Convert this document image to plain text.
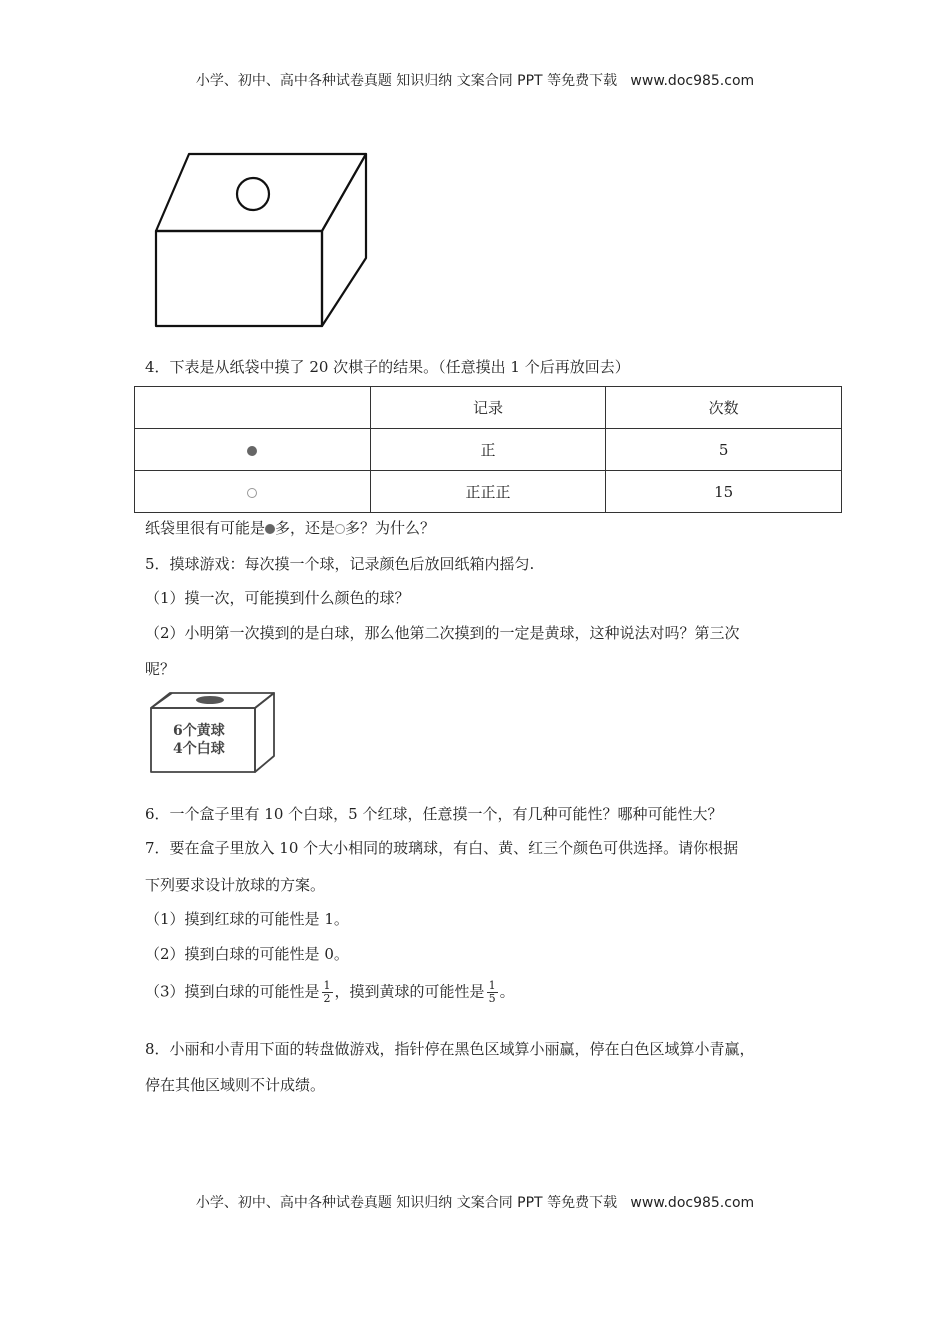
小学、初中、高中各种试卷真题 知识归纳 文案合同 PPT 等免费下载   www.doc985.com
4．下表是从纸袋中摸了 20 次棋子的结果。（任意摸出 1 个后再放回去）
	记录	次数
	正	5
	正正正	15
纸袋里很有可能是 多，还是 多？为什么？
5．摸球游戏：每次摸一个球，记录颜色后放回纸箱内摇匀.
（1）摸一次，可能摸到什么颜色的球？
（2）小明第一次摸到的是白球，那么他第二次摸到的一定是黄球，这种说法对吗？第三次
呢？
6个黄球
4个白球
6．一个盒子里有 10 个白球，5 个红球，任意摸一个，有几种可能性？哪种可能性大？
7．要在盒子里放入 10 个大小相同的玻璃球，有白、黄、红三个颜色可供选择。请你根据
下列要求设计放球的方案。
（1）摸到红球的可能性是 1。
（2）摸到白球的可能性是 0。
（3）摸到白球的可能性是 $\frac{1}{2}$ ，摸到黄球的可能性是 $\frac{1}{5}$ 。
8．小丽和小青用下面的转盘做游戏，指针停在黑色区域算小丽赢，停在白色区域算小青赢，
停在其他区域则不计成绩。
小学、初中、高中各种试卷真题 知识归纳 文案合同 PPT 等免费下载   www.doc985.com
